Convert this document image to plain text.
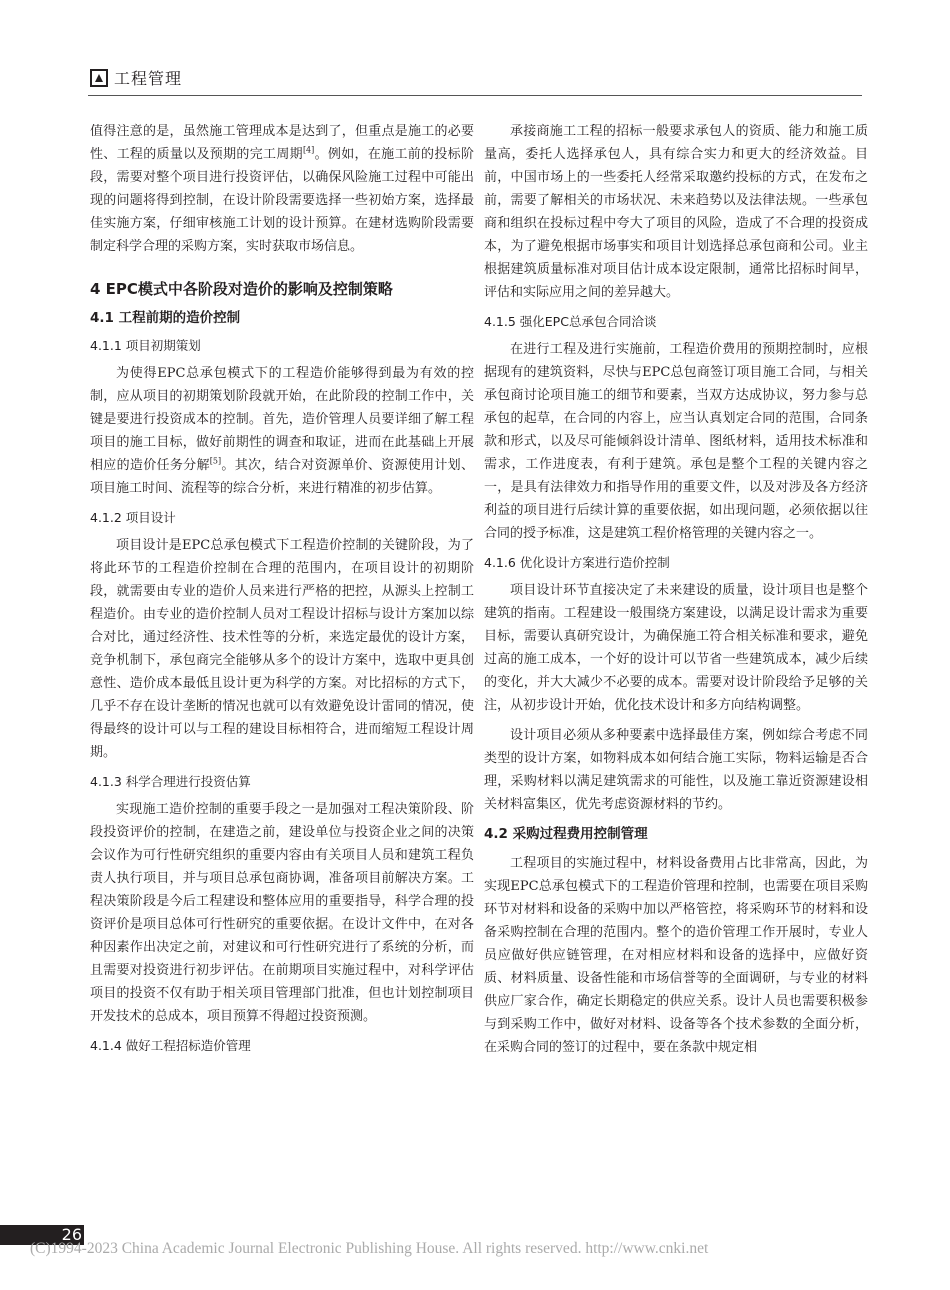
工程管理

值得注意的是，虽然施工管理成本是达到了，但重点是施工的必要性、工程的质量以及预期的完工周期[4]。例如，在施工前的投标阶段，需要对整个项目进行投资评估，以确保风险施工过程中可能出现的问题将得到控制，在设计阶段需要选择一些初始方案，选择最佳实施方案，仔细审核施工计划的设计预算。在建材选购阶段需要制定科学合理的采购方案，实时获取市场信息。

4 EPC模式中各阶段对造价的影响及控制策略
4.1 工程前期的造价控制
4.1.1 项目初期策划

为使得EPC总承包模式下的工程造价能够得到最为有效的控制，应从项目的初期策划阶段就开始，在此阶段的控制工作中，关键是要进行投资成本的控制。首先，造价管理人员要详细了解工程项目的施工目标，做好前期性的调查和取证，进而在此基础上开展相应的造价任务分解[5]。其次，结合对资源单价、资源使用计划、项目施工时间、流程等的综合分析，来进行精准的初步估算。

4.1.2 项目设计

项目设计是EPC总承包模式下工程造价控制的关键阶段，为了将此环节的工程造价控制在合理的范围内，在项目设计的初期阶段，就需要由专业的造价人员来进行严格的把控，从源头上控制工程造价。由专业的造价控制人员对工程设计招标与设计方案加以综合对比，通过经济性、技术性等的分析，来选定最优的设计方案，竞争机制下，承包商完全能够从多个的设计方案中，选取中更具创意性、造价成本最低且设计更为科学的方案。对比招标的方式下，几乎不存在设计垄断的情况也就可以有效避免设计雷同的情况，使得最终的设计可以与工程的建设目标相符合，进而缩短工程设计周期。

4.1.3 科学合理进行投资估算

实现施工造价控制的重要手段之一是加强对工程决策阶段、阶段投资评价的控制，在建造之前，建设单位与投资企业之间的决策会议作为可行性研究组织的重要内容由有关项目人员和建筑工程负责人执行项目，并与项目总承包商协调，准备项目前解决方案。工程决策阶段是今后工程建设和整体应用的重要指导，科学合理的投资评价是项目总体可行性研究的重要依据。在设计文件中，在对各种因素作出决定之前，对建议和可行性研究进行了系统的分析，而且需要对投资进行初步评估。在前期项目实施过程中，对科学评估项目的投资不仅有助于相关项目管理部门批准，但也计划控制项目开发技术的总成本，项目预算不得超过投资预测。

4.1.4 做好工程招标造价管理

承接商施工工程的招标一般要求承包人的资质、能力和施工质量高，委托人选择承包人，具有综合实力和更大的经济效益。目前，中国市场上的一些委托人经常采取邀约投标的方式，在发布之前，需要了解相关的市场状况、未来趋势以及法律法规。一些承包商和组织在投标过程中夸大了项目的风险，造成了不合理的投资成本，为了避免根据市场事实和项目计划选择总承包商和公司。业主根据建筑质量标准对项目估计成本设定限制，通常比招标时间早，评估和实际应用之间的差异越大。

4.1.5 强化EPC总承包合同洽谈

在进行工程及进行实施前，工程造价费用的预期控制时，应根据现有的建筑资料，尽快与EPC总包商签订项目施工合同，与相关承包商讨论项目施工的细节和要素，当双方达成协议，努力参与总承包的起草，在合同的内容上，应当认真划定合同的范围，合同条款和形式，以及尽可能倾斜设计清单、图纸材料，适用技术标准和需求，工作进度表，有利于建筑。承包是整个工程的关键内容之一，是具有法律效力和指导作用的重要文件，以及对涉及各方经济利益的项目进行后续计算的重要依据，如出现问题，必须依据以往合同的授予标准，这是建筑工程价格管理的关键内容之一。

4.1.6 优化设计方案进行造价控制

项目设计环节直接决定了未来建设的质量，设计项目也是整个建筑的指南。工程建设一般围绕方案建设，以满足设计需求为重要目标，需要认真研究设计，为确保施工符合相关标准和要求，避免过高的施工成本，一个好的设计可以节省一些建筑成本，减少后续的变化，并大大减少不必要的成本。需要对设计阶段给予足够的关注，从初步设计开始，优化技术设计和多方向结构调整。

设计项目必须从多种要素中选择最佳方案，例如综合考虑不同类型的设计方案，如物料成本如何结合施工实际，物料运输是否合理，采购材料以满足建筑需求的可能性，以及施工靠近资源建设相关材料富集区，优先考虑资源材料的节约。

4.2 采购过程费用控制管理

工程项目的实施过程中，材料设备费用占比非常高，因此，为实现EPC总承包模式下的工程造价管理和控制，也需要在项目采购环节对材料和设备的采购中加以严格管控，将采购环节的材料和设备采购控制在合理的范围内。整个的造价管理工作开展时，专业人员应做好供应链管理，在对相应材料和设备的选择中，应做好资质、材料质量、设备性能和市场信誉等的全面调研，与专业的材料供应厂家合作，确定长期稳定的供应关系。设计人员也需要积极参与到采购工作中，做好对材料、设备等各个技术参数的全面分析，在采购合同的签订的过程中，要在条款中规定相

26
(C)1994-2023 China Academic Journal Electronic Publishing House. All rights reserved. http://www.cnki.net
